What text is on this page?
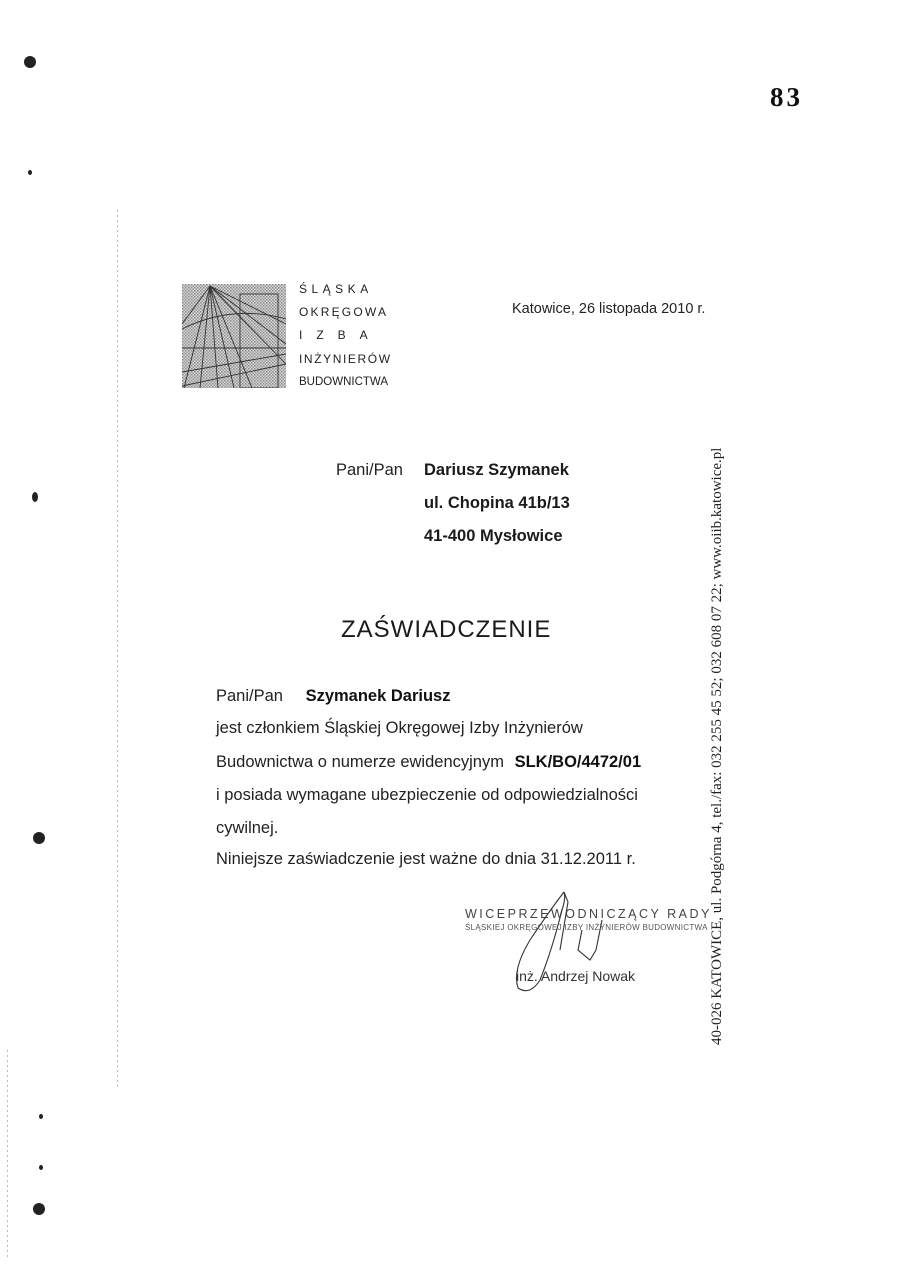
83
ŚLĄSKA
OKRĘGOWA
IZBA
INŻYNIERÓW
BUDOWNICTWA
Katowice, 26 listopada 2010 r.
Pani/Pan Dariusz Szymanek
ul. Chopina 41b/13
41-400 Mysłowice
ZAŚWIADCZENIE
Pani/Pan Szymanek Dariusz
jest członkiem Śląskiej Okręgowej Izby Inżynierów
Budownictwa o numerze ewidencyjnym SLK/BO/4472/01
i posiada wymagane ubezpieczenie od odpowiedzialności
cywilnej.
Niniejsze zaświadczenie jest ważne do dnia 31.12.2011 r.
WICEPRZEWODNICZĄCY RADY
ŚLĄSKIEJ OKRĘGOWEJ IZBY INŻYNIERÓW BUDOWNICTWA
inż. Andrzej Nowak	40-026 KATOWICE, ul. Podgórna 4, tel./fax: 032 255 45 52; 032 608 07 22; www.oiib.katowice.pl
